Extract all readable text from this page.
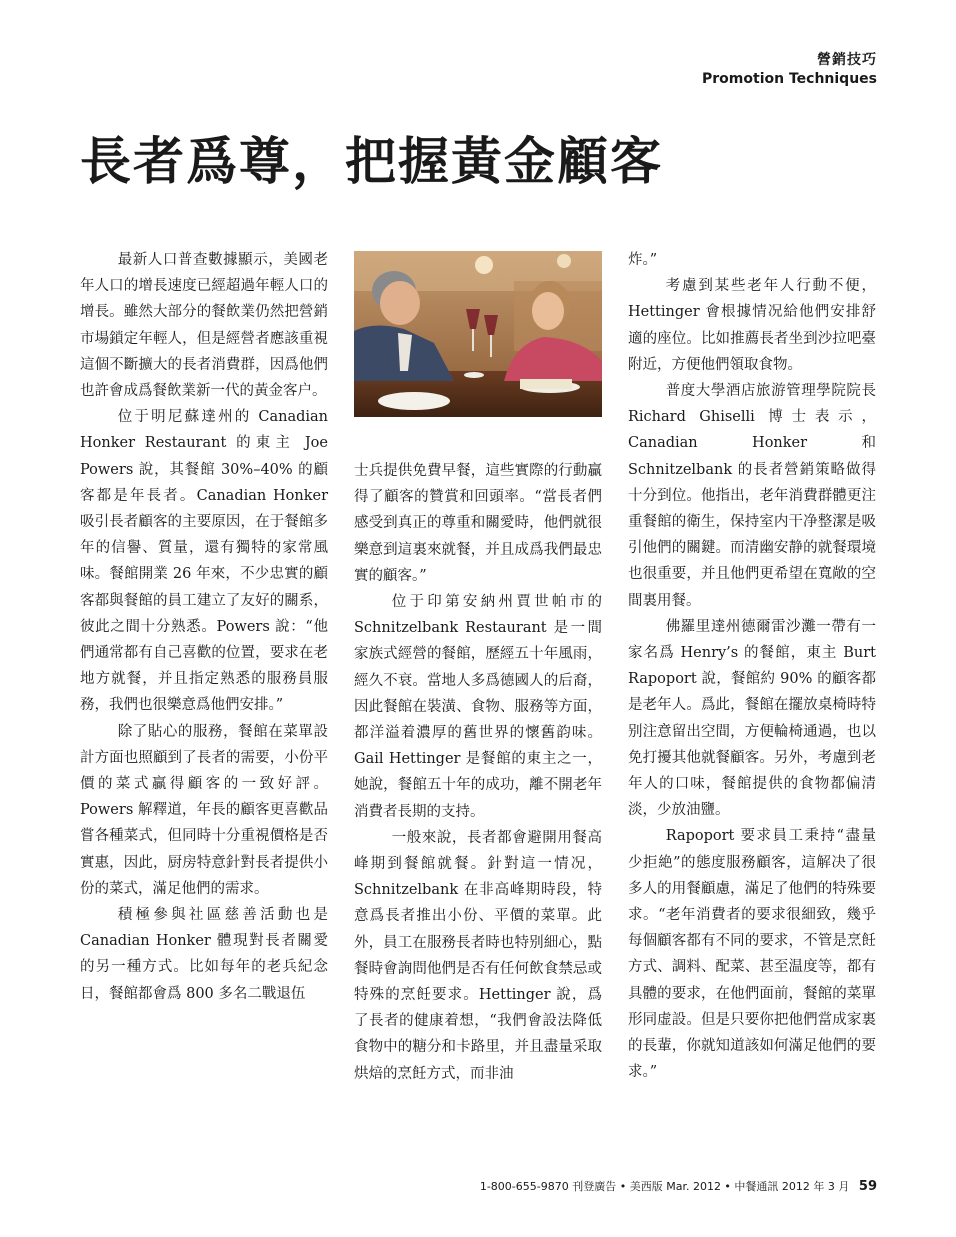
營銷技巧
Promotion Techniques
長者爲尊，把握黃金顧客

最新人口普查數據顯示，美國老年人口的增長速度已經超過年輕人口的增長。雖然大部分的餐飲業仍然把營銷市場鎖定年輕人，但是經營者應該重視這個不斷擴大的長者消費群，因爲他們也許會成爲餐飲業新一代的黃金客户。

位于明尼蘇達州的 Canadian Honker Restaurant 的東主 Joe Powers 說，其餐館 30%–40% 的顧客都是年長者。Canadian Honker 吸引長者顧客的主要原因，在于餐館多年的信譽、質量，還有獨特的家常風味。餐館開業 26 年來，不少忠實的顧客都與餐館的員工建立了友好的關系，彼此之間十分熟悉。Powers 說：“他們通常都有自己喜歡的位置，要求在老地方就餐，并且指定熟悉的服務員服務，我們也很樂意爲他們安排。”

除了貼心的服務，餐館在菜單設計方面也照顧到了長者的需要，小份平價的菜式贏得顧客的一致好評。Powers 解釋道，年長的顧客更喜歡品嘗各種菜式，但同時十分重視價格是否實惠，因此，厨房特意針對長者提供小份的菜式，滿足他們的需求。

積極參與社區慈善活動也是 Canadian Honker 體現對長者關愛的另一種方式。比如每年的老兵紀念日，餐館都會爲 800 多名二戰退伍

士兵提供免費早餐，這些實際的行動贏得了顧客的贊賞和回頭率。“當長者們感受到真正的尊重和關愛時，他們就很樂意到這裏來就餐，并且成爲我們最忠實的顧客。”

位于印第安納州賈世帕市的 Schnitzelbank Restaurant 是一間家族式經營的餐館，歷經五十年風雨，經久不衰。當地人多爲德國人的后裔，因此餐館在裝潢、食物、服務等方面，都洋溢着濃厚的舊世界的懷舊韵味。Gail Hettinger 是餐館的東主之一，她說，餐館五十年的成功，離不開老年消費者長期的支持。

一般來說，長者都會避開用餐高峰期到餐館就餐。針對這一情况，Schnitzelbank 在非高峰期時段，特意爲長者推出小份、平價的菜單。此外，員工在服務長者時也特别細心，點餐時會詢問他們是否有任何飲食禁忌或特殊的烹飪要求。Hettinger 說，爲了長者的健康着想，“我們會設法降低食物中的糖分和卡路里，并且盡量采取烘焙的烹飪方式，而非油

炸。”

考慮到某些老年人行動不便，Hettinger 會根據情况給他們安排舒適的座位。比如推薦長者坐到沙拉吧臺附近，方便他們領取食物。

普度大學酒店旅游管理學院院長 Richard Ghiselli 博士表示，Canadian Honker 和 Schnitzelbank 的長者營銷策略做得十分到位。他指出，老年消費群體更注重餐館的衛生，保持室内干净整潔是吸引他們的關鍵。而清幽安静的就餐環境也很重要，并且他們更希望在寬敞的空間裏用餐。

佛羅里達州德爾雷沙灘一帶有一家名爲 Henry’s 的餐館，東主 Burt Rapoport 說，餐館約 90% 的顧客都是老年人。爲此，餐館在擺放桌椅時特别注意留出空間，方便輪椅通過，也以免打擾其他就餐顧客。另外，考慮到老年人的口味，餐館提供的食物都偏清淡，少放油鹽。

Rapoport 要求員工秉持“盡量少拒絶”的態度服務顧客，這解决了很多人的用餐顧慮，滿足了他們的特殊要求。“老年消費者的要求很細致，幾乎每個顧客都有不同的要求，不管是烹飪方式、調料、配菜、甚至温度等，都有具體的要求，在他們面前，餐館的菜單形同虚設。但是只要你把他們當成家裏的長輩，你就知道該如何滿足他們的要求。”

1-800-655-9870 刊登廣告 • 美西版 Mar. 2012 • 中餐通訊 2012 年 3 月 59
